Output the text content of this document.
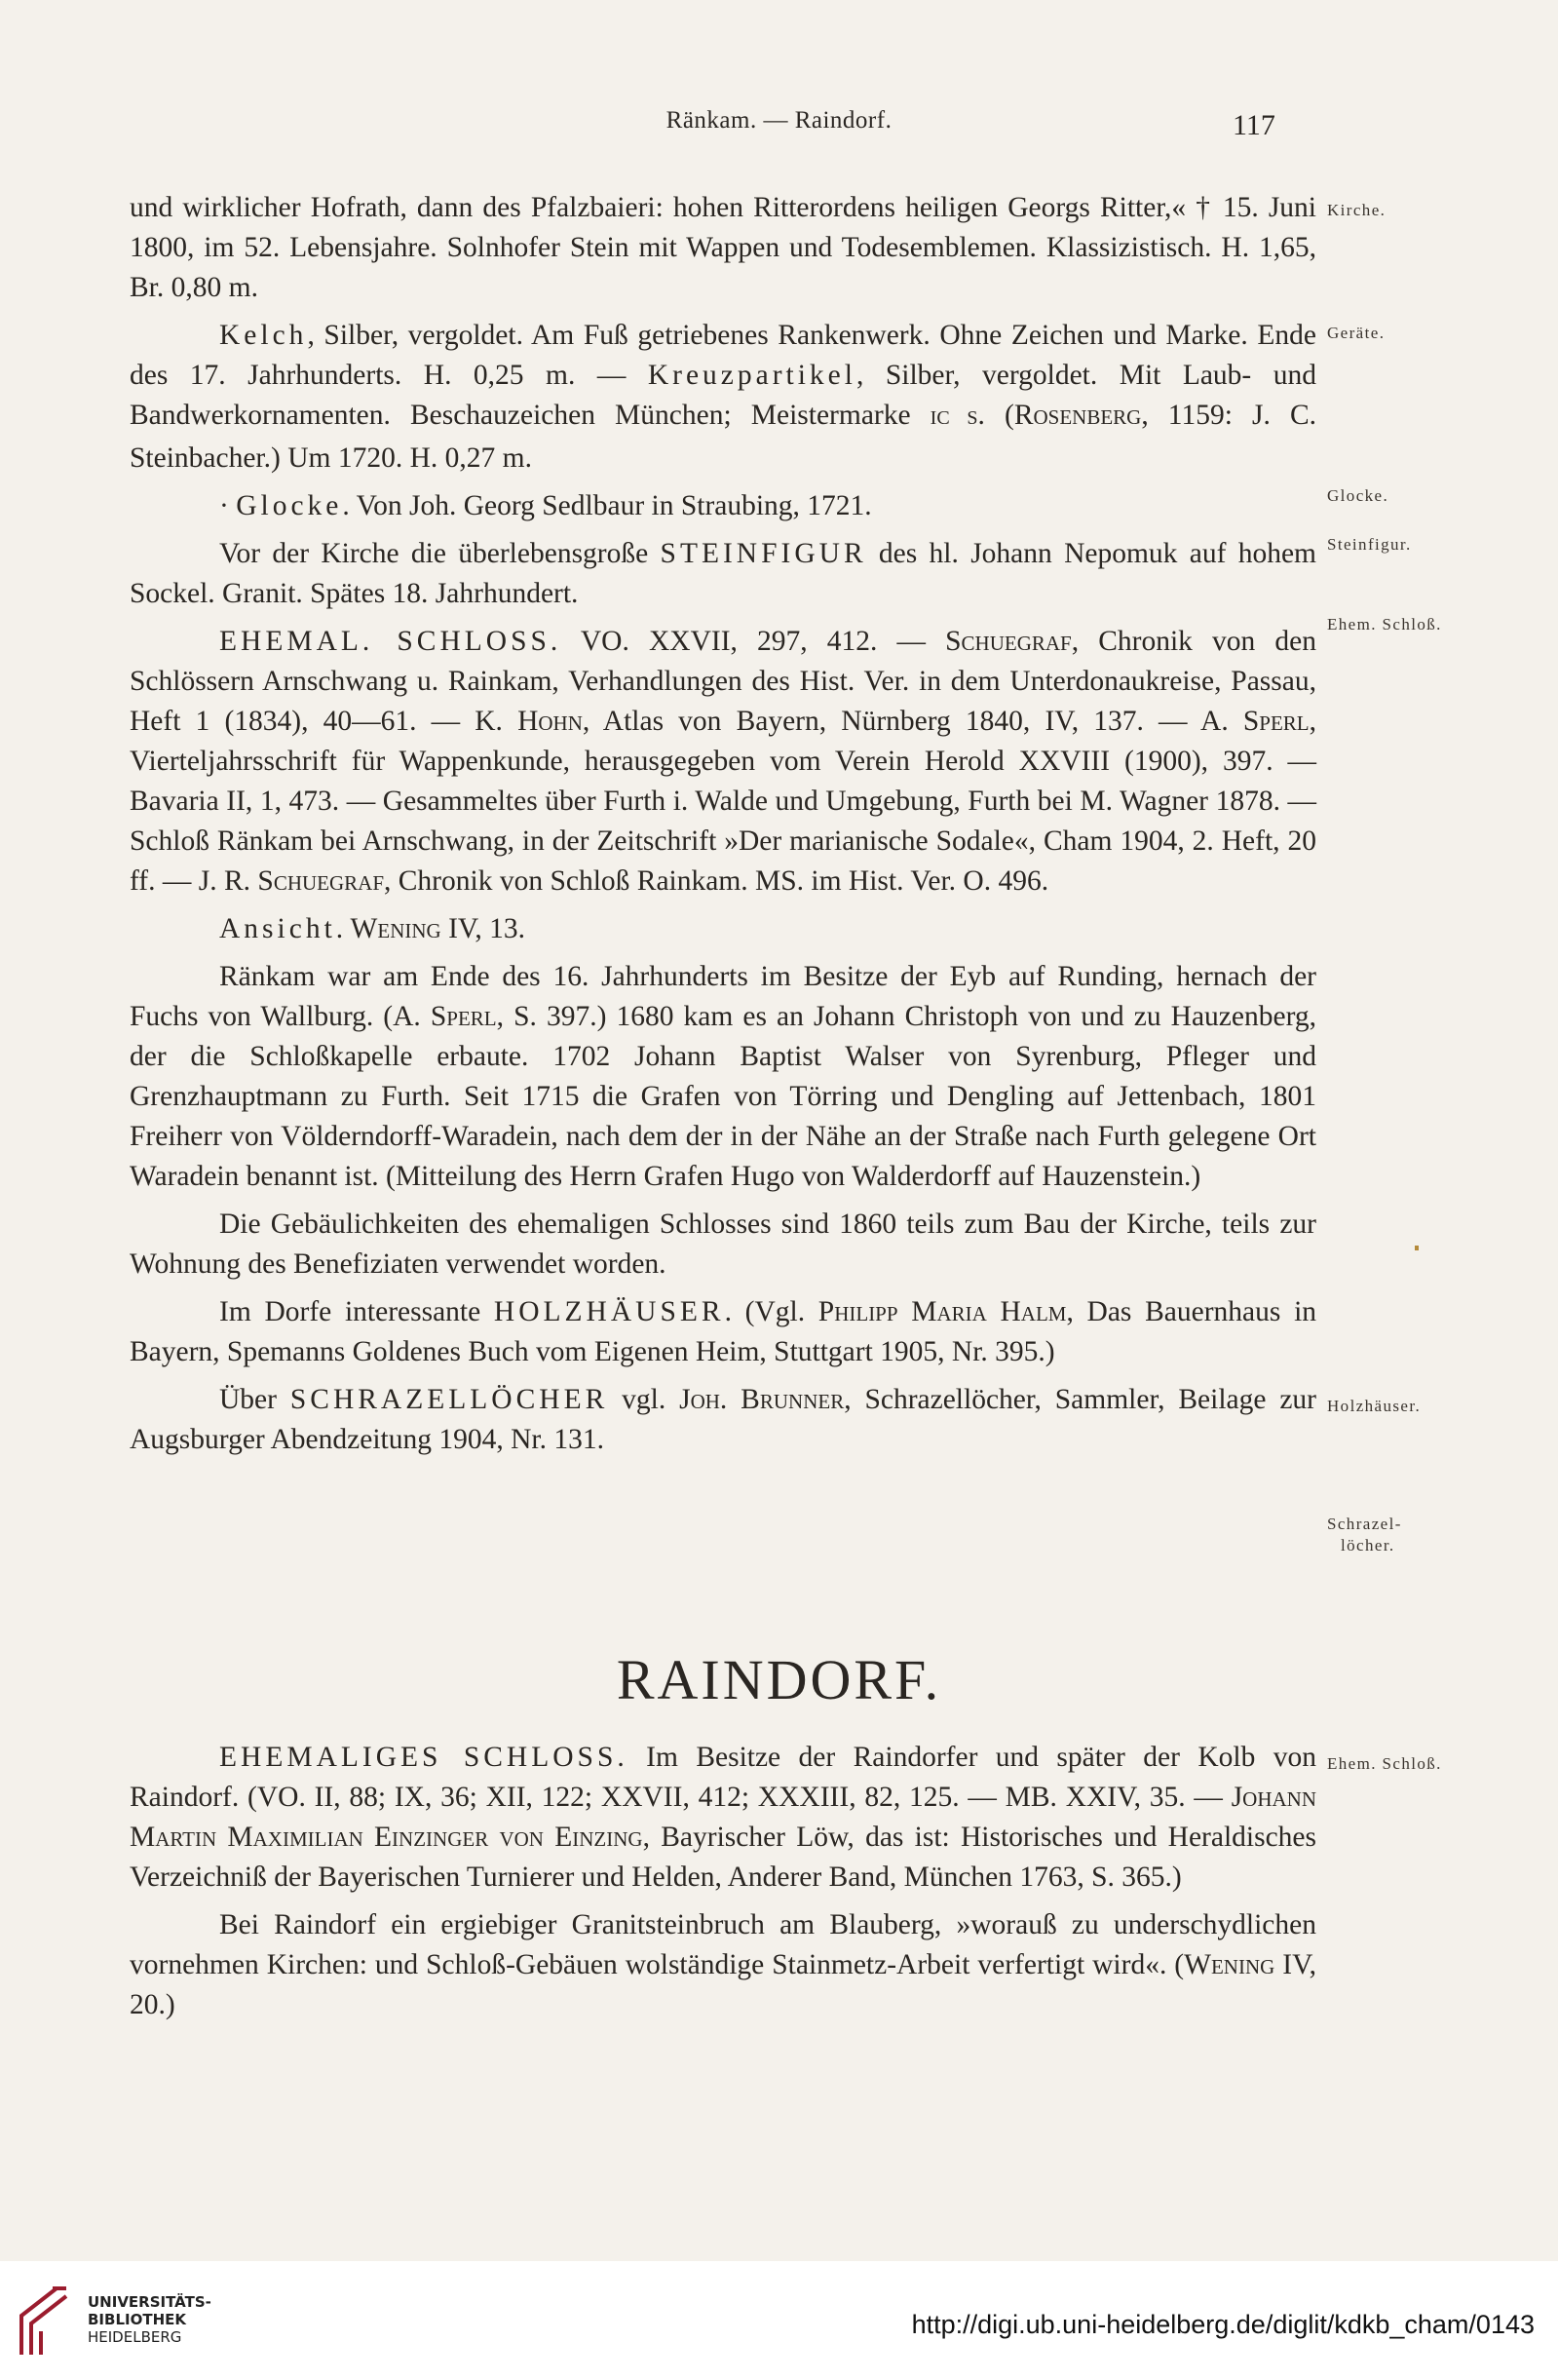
Ränkam. — Raindorf.	117

und wirklicher Hofrath, dann des Pfalzbaieri: hohen Ritterordens heiligen Georgs Ritter,« † 15. Juni 1800, im 52. Lebensjahre. Solnhofer Stein mit Wappen und Todesemblemen. Klassizistisch. H. 1,65, Br. 0,80 m.

Kelch, Silber, vergoldet. Am Fuß getriebenes Rankenwerk. Ohne Zeichen und Marke. Ende des 17. Jahrhunderts. H. 0,25 m. — Kreuzpartikel, Silber, vergoldet. Mit Laub- und Bandwerkornamenten. Beschauzeichen München; Meistermarke IC S. (Rosenberg, 1159: J. C. Steinbacher.) Um 1720. H. 0,27 m.

· Glocke. Von Joh. Georg Sedlbaur in Straubing, 1721.

Vor der Kirche die überlebensgroße STEINFIGUR des hl. Johann Nepomuk auf hohem Sockel. Granit. Spätes 18. Jahrhundert.

EHEMAL. SCHLOSS. VO. XXVII, 297, 412. — Schuegraf, Chronik von den Schlössern Arnschwang u. Rainkam, Verhandlungen des Hist. Ver. in dem Unterdonaukreise, Passau, Heft 1 (1834), 40—61. — K. Hohn, Atlas von Bayern, Nürnberg 1840, IV, 137. — A. Sperl, Vierteljahrsschrift für Wappenkunde, herausgegeben vom Verein Herold XXVIII (1900), 397. — Bavaria II, 1, 473. — Gesammeltes über Furth i. Walde und Umgebung, Furth bei M. Wagner 1878. — Schloß Ränkam bei Arnschwang, in der Zeitschrift »Der marianische Sodale«, Cham 1904, 2. Heft, 20 ff. — J. R. Schuegraf, Chronik von Schloß Rainkam. MS. im Hist. Ver. O. 496.

Ansicht. Wening IV, 13.

Ränkam war am Ende des 16. Jahrhunderts im Besitze der Eyb auf Runding, hernach der Fuchs von Wallburg. (A. Sperl, S. 397.) 1680 kam es an Johann Christoph von und zu Hauzenberg, der die Schloßkapelle erbaute. 1702 Johann Baptist Walser von Syrenburg, Pfleger und Grenzhauptmann zu Furth. Seit 1715 die Grafen von Törring und Dengling auf Jettenbach, 1801 Freiherr von Völderndorff-Waradein, nach dem der in der Nähe an der Straße nach Furth gelegene Ort Waradein benannt ist. (Mitteilung des Herrn Grafen Hugo von Walderdorff auf Hauzenstein.)

Die Gebäulichkeiten des ehemaligen Schlosses sind 1860 teils zum Bau der Kirche, teils zur Wohnung des Benefiziaten verwendet worden.

Im Dorfe interessante HOLZHÄUSER. (Vgl. Philipp Maria Halm, Das Bauernhaus in Bayern, Spemanns Goldenes Buch vom Eigenen Heim, Stuttgart 1905, Nr. 395.)

Über SCHRAZELLÖCHER vgl. Joh. Brunner, Schrazellöcher, Sammler, Beilage zur Augsburger Abendzeitung 1904, Nr. 131.

Kirche.
Geräte.
Glocke.
Steinfigur.
Ehem. Schloß.
Holzhäuser.
Schrazel-
löcher.
Ehem. Schloß.
RAINDORF.

EHEMALIGES SCHLOSS. Im Besitze der Raindorfer und später der Kolb von Raindorf. (VO. II, 88; IX, 36; XII, 122; XXVII, 412; XXXIII, 82, 125. — MB. XXIV, 35. — Johann Martin Maximilian Einzinger von Einzing, Bayrischer Löw, das ist: Historisches und Heraldisches Verzeichniß der Bayerischen Turnierer und Helden, Anderer Band, München 1763, S. 365.)

Bei Raindorf ein ergiebiger Granitsteinbruch am Blauberg, »worauß zu underschydlichen vornehmen Kirchen: und Schloß-Gebäuen wolständige Stainmetz-Arbeit verfertigt wird«. (Wening IV, 20.)

UNIVERSITÄTS-
BIBLIOTHEK
HEIDELBERG	http://digi.ub.uni-heidelberg.de/diglit/kdkb_cham/0143
